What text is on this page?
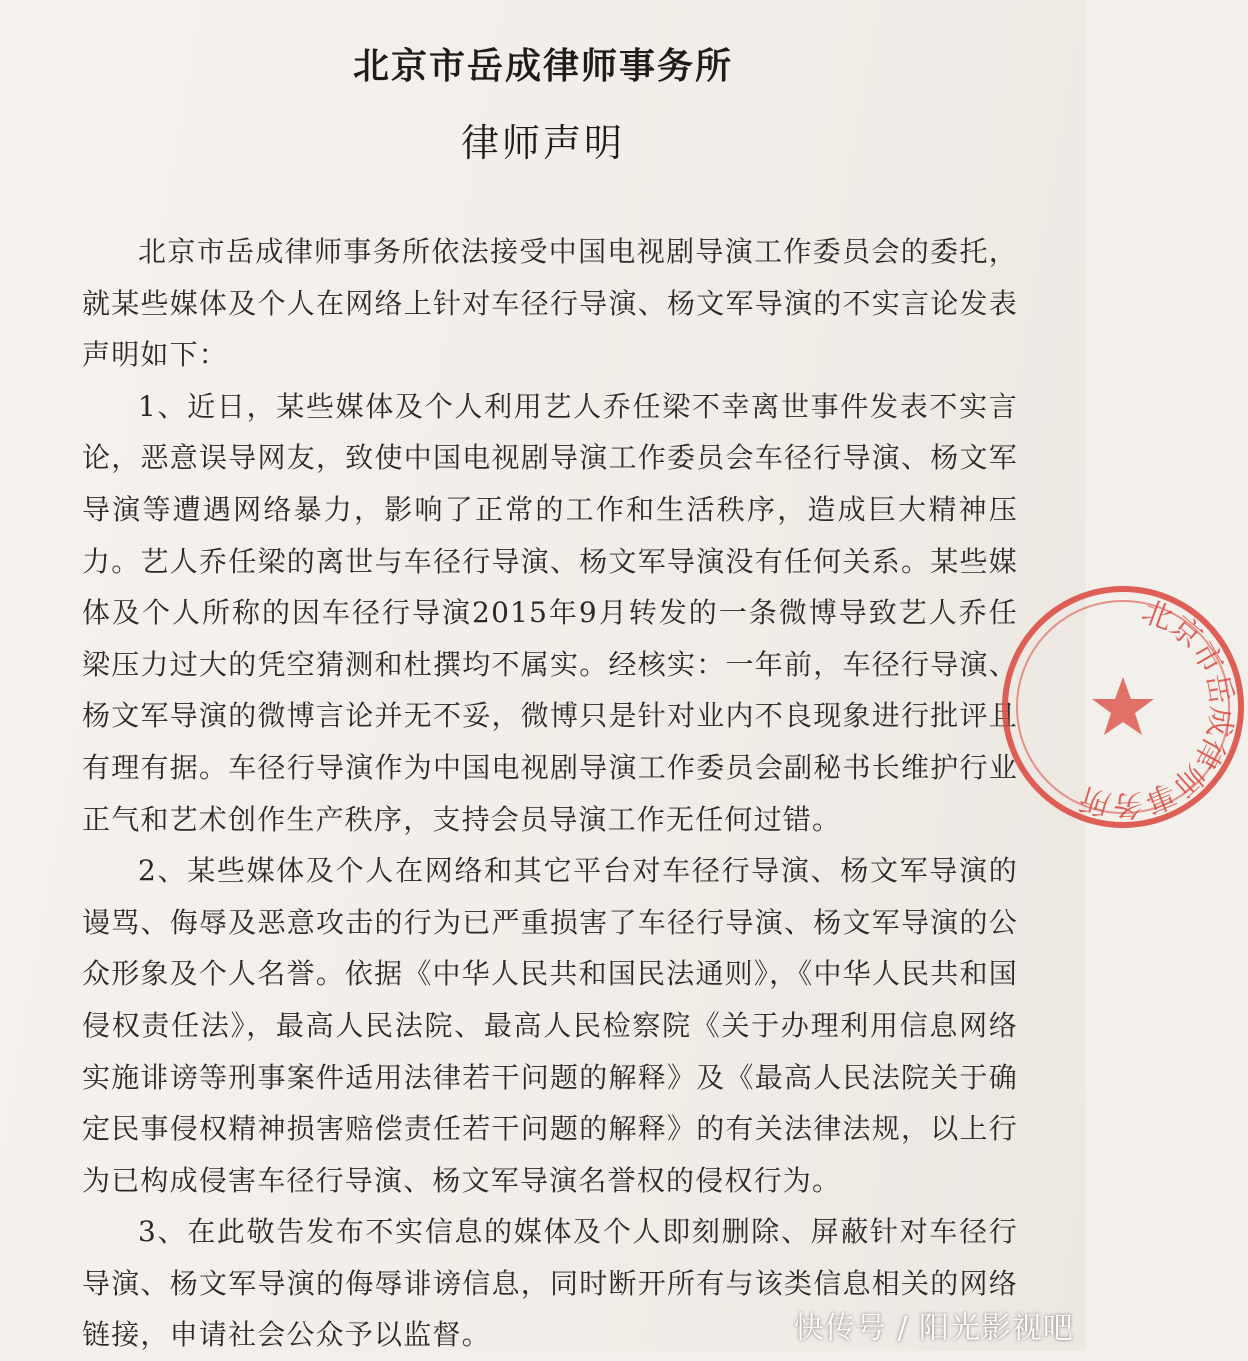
北京市岳成律师事务所
律师声明

北京市岳成律师事务所依法接受中国电视剧导演工作委员会的委托，就某些媒体及个人在网络上针对车径行导演、杨文军导演的不实言论发表声明如下：

1、近日，某些媒体及个人利用艺人乔任梁不幸离世事件发表不实言论，恶意误导网友，致使中国电视剧导演工作委员会车径行导演、杨文军导演等遭遇网络暴力，影响了正常的工作和生活秩序，造成巨大精神压力。艺人乔任梁的离世与车径行导演、杨文军导演没有任何关系。某些媒体及个人所称的因车径行导演2015年9月转发的一条微博导致艺人乔任梁压力过大的凭空猜测和杜撰均不属实。经核实：一年前，车径行导演、杨文军导演的微博言论并无不妥，微博只是针对业内不良现象进行批评且有理有据。车径行导演作为中国电视剧导演工作委员会副秘书长维护行业正气和艺术创作生产秩序，支持会员导演工作无任何过错。

2、某些媒体及个人在网络和其它平台对车径行导演、杨文军导演的谩骂、侮辱及恶意攻击的行为已严重损害了车径行导演、杨文军导演的公众形象及个人名誉。依据《中华人民共和国民法通则》，《中华人民共和国侵权责任法》，最高人民法院、最高人民检察院《关于办理利用信息网络实施诽谤等刑事案件适用法律若干问题的解释》及《最高人民法院关于确定民事侵权精神损害赔偿责任若干问题的解释》的有关法律法规，以上行为已构成侵害车径行导演、杨文军导演名誉权的侵权行为。

3、在此敬告发布不实信息的媒体及个人即刻删除、屏蔽针对车径行导演、杨文军导演的侮辱诽谤信息，同时断开所有与该类信息相关的网络链接，申请社会公众予以监督。

北京市岳成律师事务所
快传号 / 阳光影视吧
